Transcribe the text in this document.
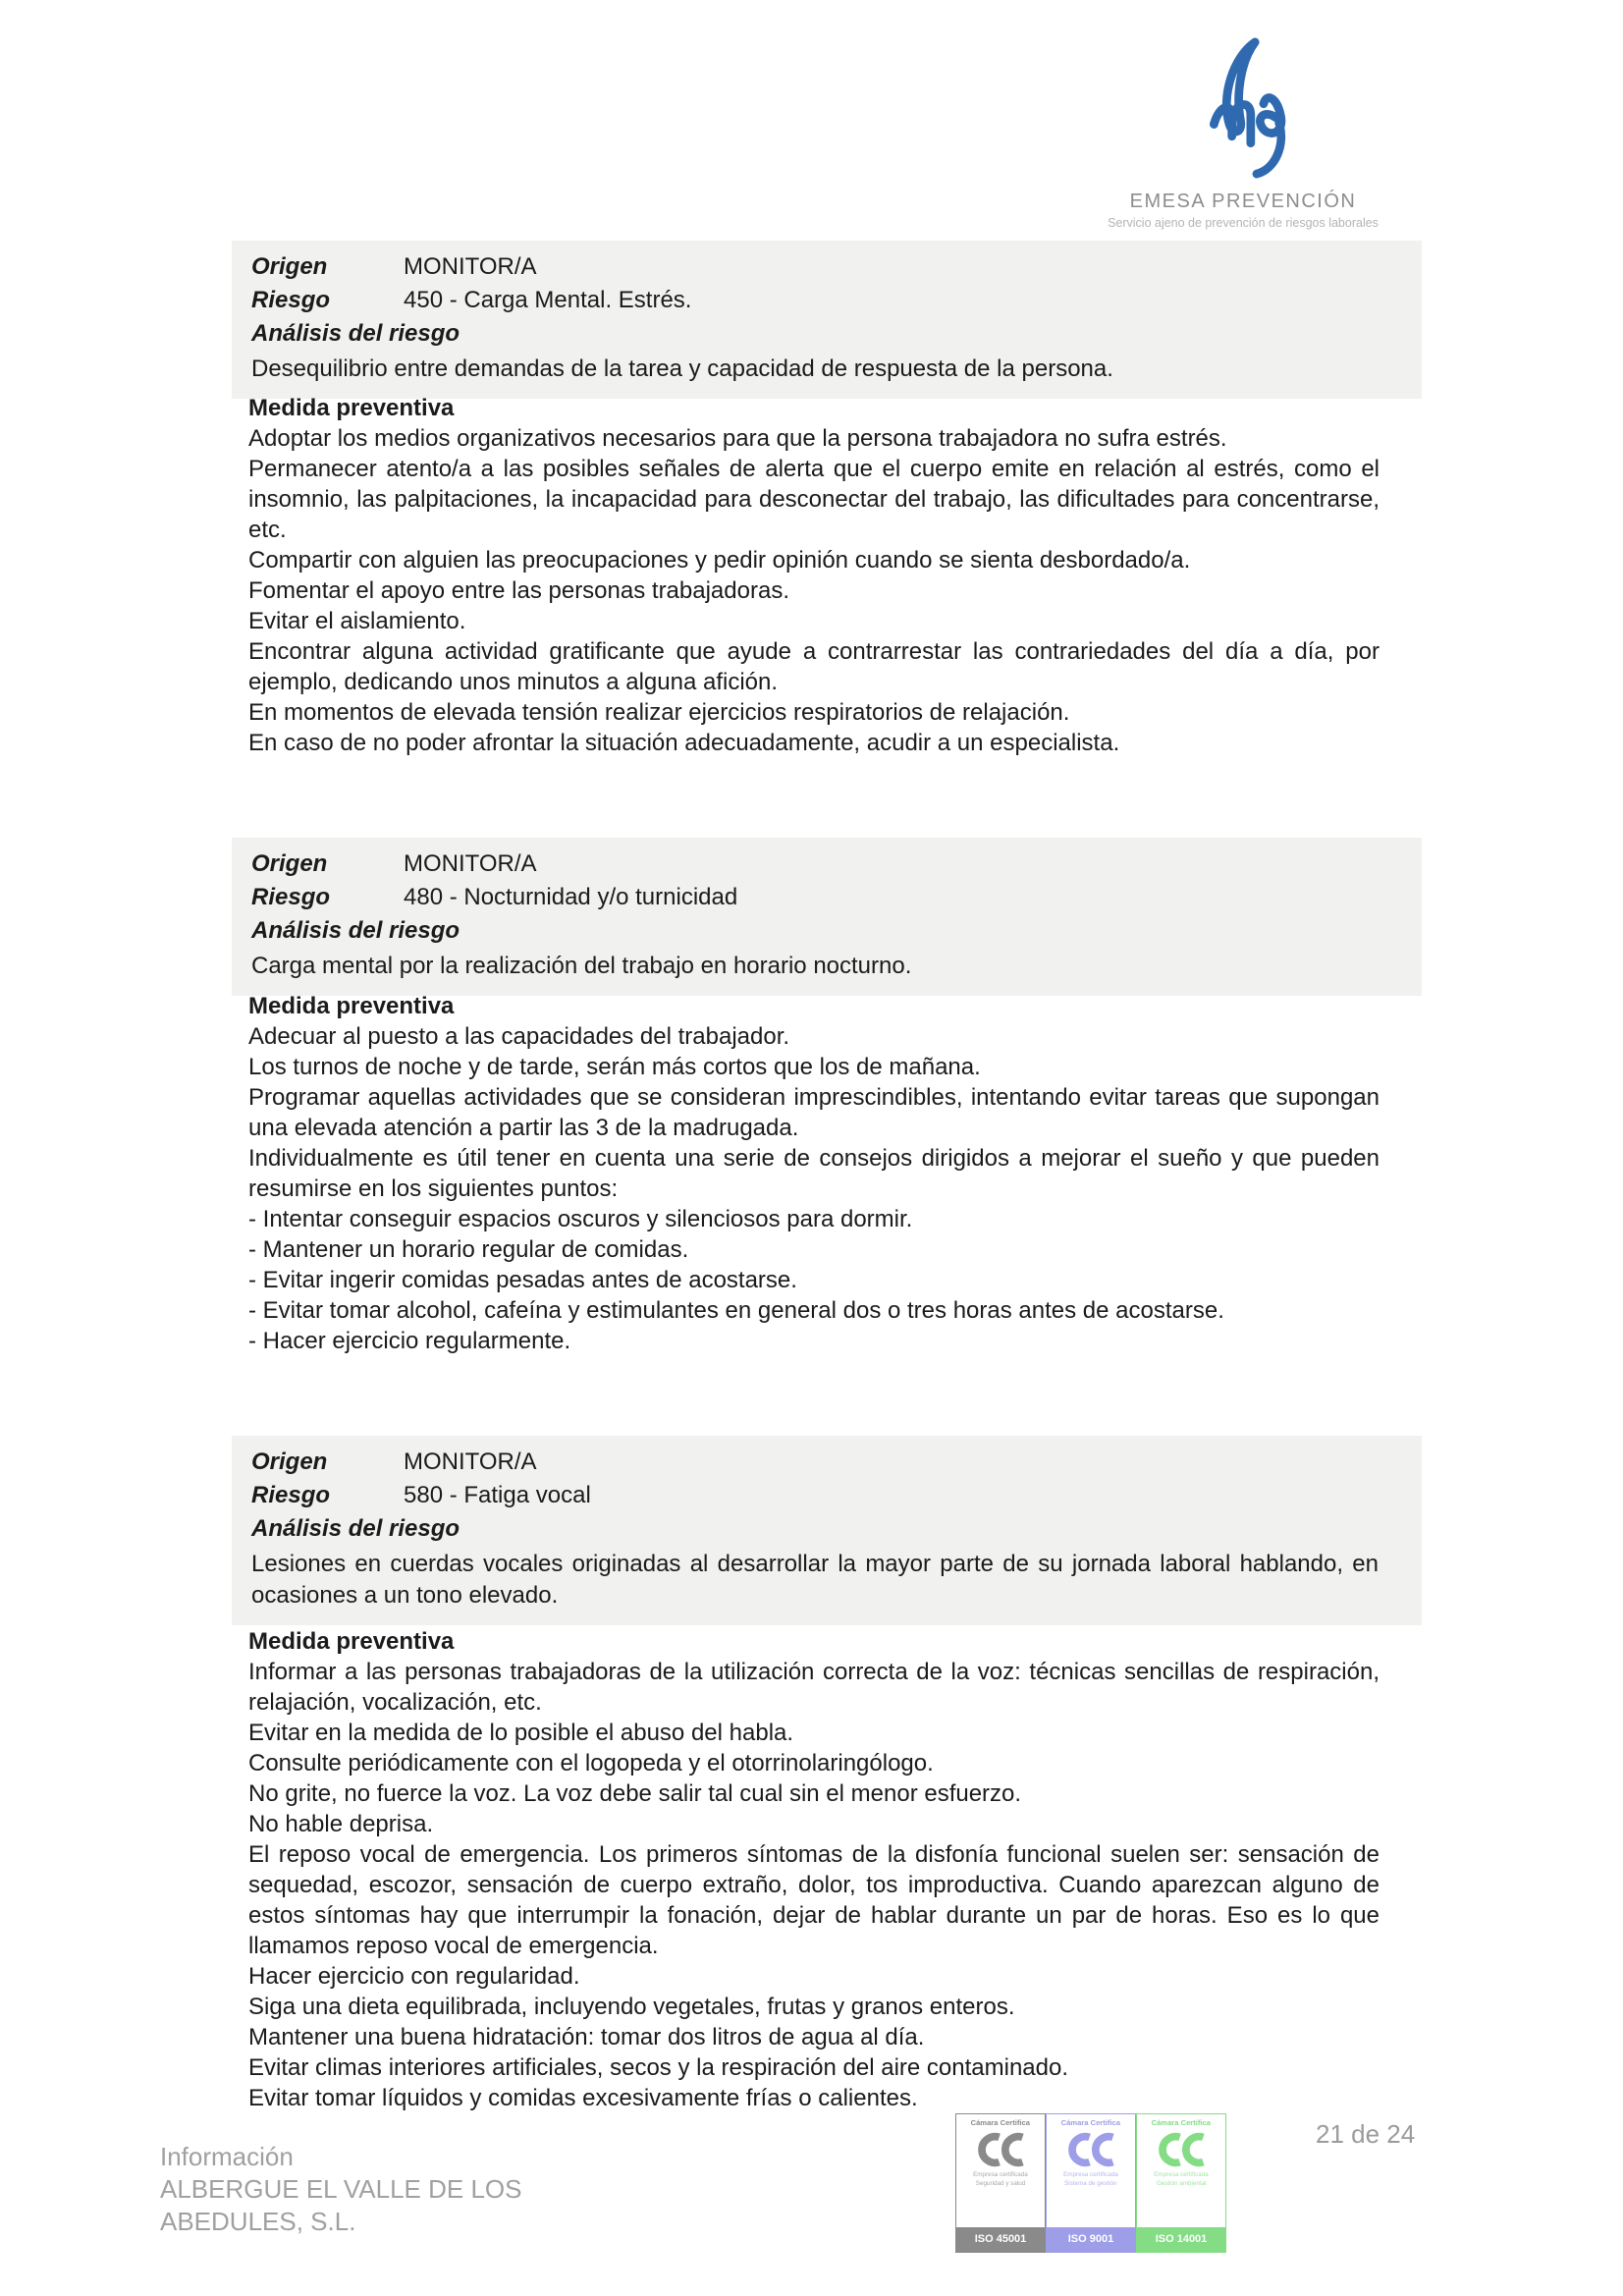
EMESA PREVENCIÓN
Servicio ajeno de prevención de riesgos laborales
Origen	MONITOR/A
Riesgo	450 - Carga Mental. Estrés.
Análisis del riesgo
Desequilibrio entre demandas de la tarea y capacidad de respuesta de la persona.
Medida preventiva

Adoptar los medios organizativos necesarios para que la persona trabajadora no sufra estrés.

Permanecer atento/a a las posibles señales de alerta que el cuerpo emite en relación al estrés, como el insomnio, las palpitaciones, la incapacidad para desconectar del trabajo, las dificultades para concentrarse, etc.

Compartir con alguien las preocupaciones y pedir opinión cuando se sienta desbordado/a.

Fomentar el apoyo entre las personas trabajadoras.

Evitar el aislamiento.

Encontrar alguna actividad gratificante que ayude a contrarrestar las contrariedades del día a día, por ejemplo, dedicando unos minutos a alguna afición.

En momentos de elevada tensión realizar ejercicios respiratorios de relajación.

En caso de no poder afrontar la situación adecuadamente, acudir a un especialista.

Origen	MONITOR/A
Riesgo	480 - Nocturnidad y/o turnicidad
Análisis del riesgo
Carga mental por la realización del trabajo en horario nocturno.
Medida preventiva

Adecuar al puesto a las capacidades del trabajador.

Los turnos de noche y de tarde, serán más cortos que los de mañana.

Programar aquellas actividades que se consideran imprescindibles, intentando evitar tareas que supongan una elevada atención a partir las 3 de la madrugada.

Individualmente es útil tener en cuenta una serie de consejos dirigidos a mejorar el sueño y que pueden resumirse en los siguientes puntos:

- Intentar conseguir espacios oscuros y silenciosos para dormir.

- Mantener un horario regular de comidas.

- Evitar ingerir comidas pesadas antes de acostarse.

- Evitar tomar alcohol, cafeína y estimulantes en general dos o tres horas antes de acostarse.

- Hacer ejercicio regularmente.

Origen	MONITOR/A
Riesgo	580 - Fatiga vocal
Análisis del riesgo
Lesiones en cuerdas vocales originadas al desarrollar la mayor parte de su jornada laboral hablando, en ocasiones a un tono elevado.
Medida preventiva

Informar a las personas trabajadoras de la utilización correcta de la voz: técnicas sencillas de respiración, relajación, vocalización, etc.

Evitar en la medida de lo posible el abuso del habla.

Consulte periódicamente con el logopeda y el otorrinolaringólogo.

No grite, no fuerce la voz. La voz debe salir tal cual sin el menor esfuerzo.

No hable deprisa.

El reposo vocal de emergencia. Los primeros síntomas de la disfonía funcional suelen ser: sensación de sequedad, escozor, sensación de cuerpo extraño, dolor, tos improductiva. Cuando aparezcan alguno de estos síntomas hay que interrumpir la fonación, dejar de hablar durante un par de horas. Eso es lo que llamamos reposo vocal de emergencia.

Hacer ejercicio con regularidad.

Siga una dieta equilibrada, incluyendo vegetales, frutas y granos enteros.

Mantener una buena hidratación: tomar dos litros de agua al día.

Evitar climas interiores artificiales, secos y la respiración del aire contaminado.

Evitar tomar líquidos y comidas excesivamente frías o calientes.

Información
ALBERGUE EL VALLE DE LOS
ABEDULES, S.L.
Cámara Certifica
Empresa certificada
Seguridad y salud
ISO 45001
Cámara Certifica
Empresa certificada
Sistema de gestión
ISO 9001
Cámara Certifica
Empresa certificada
Gestión ambiental
ISO 14001
21 de 24
